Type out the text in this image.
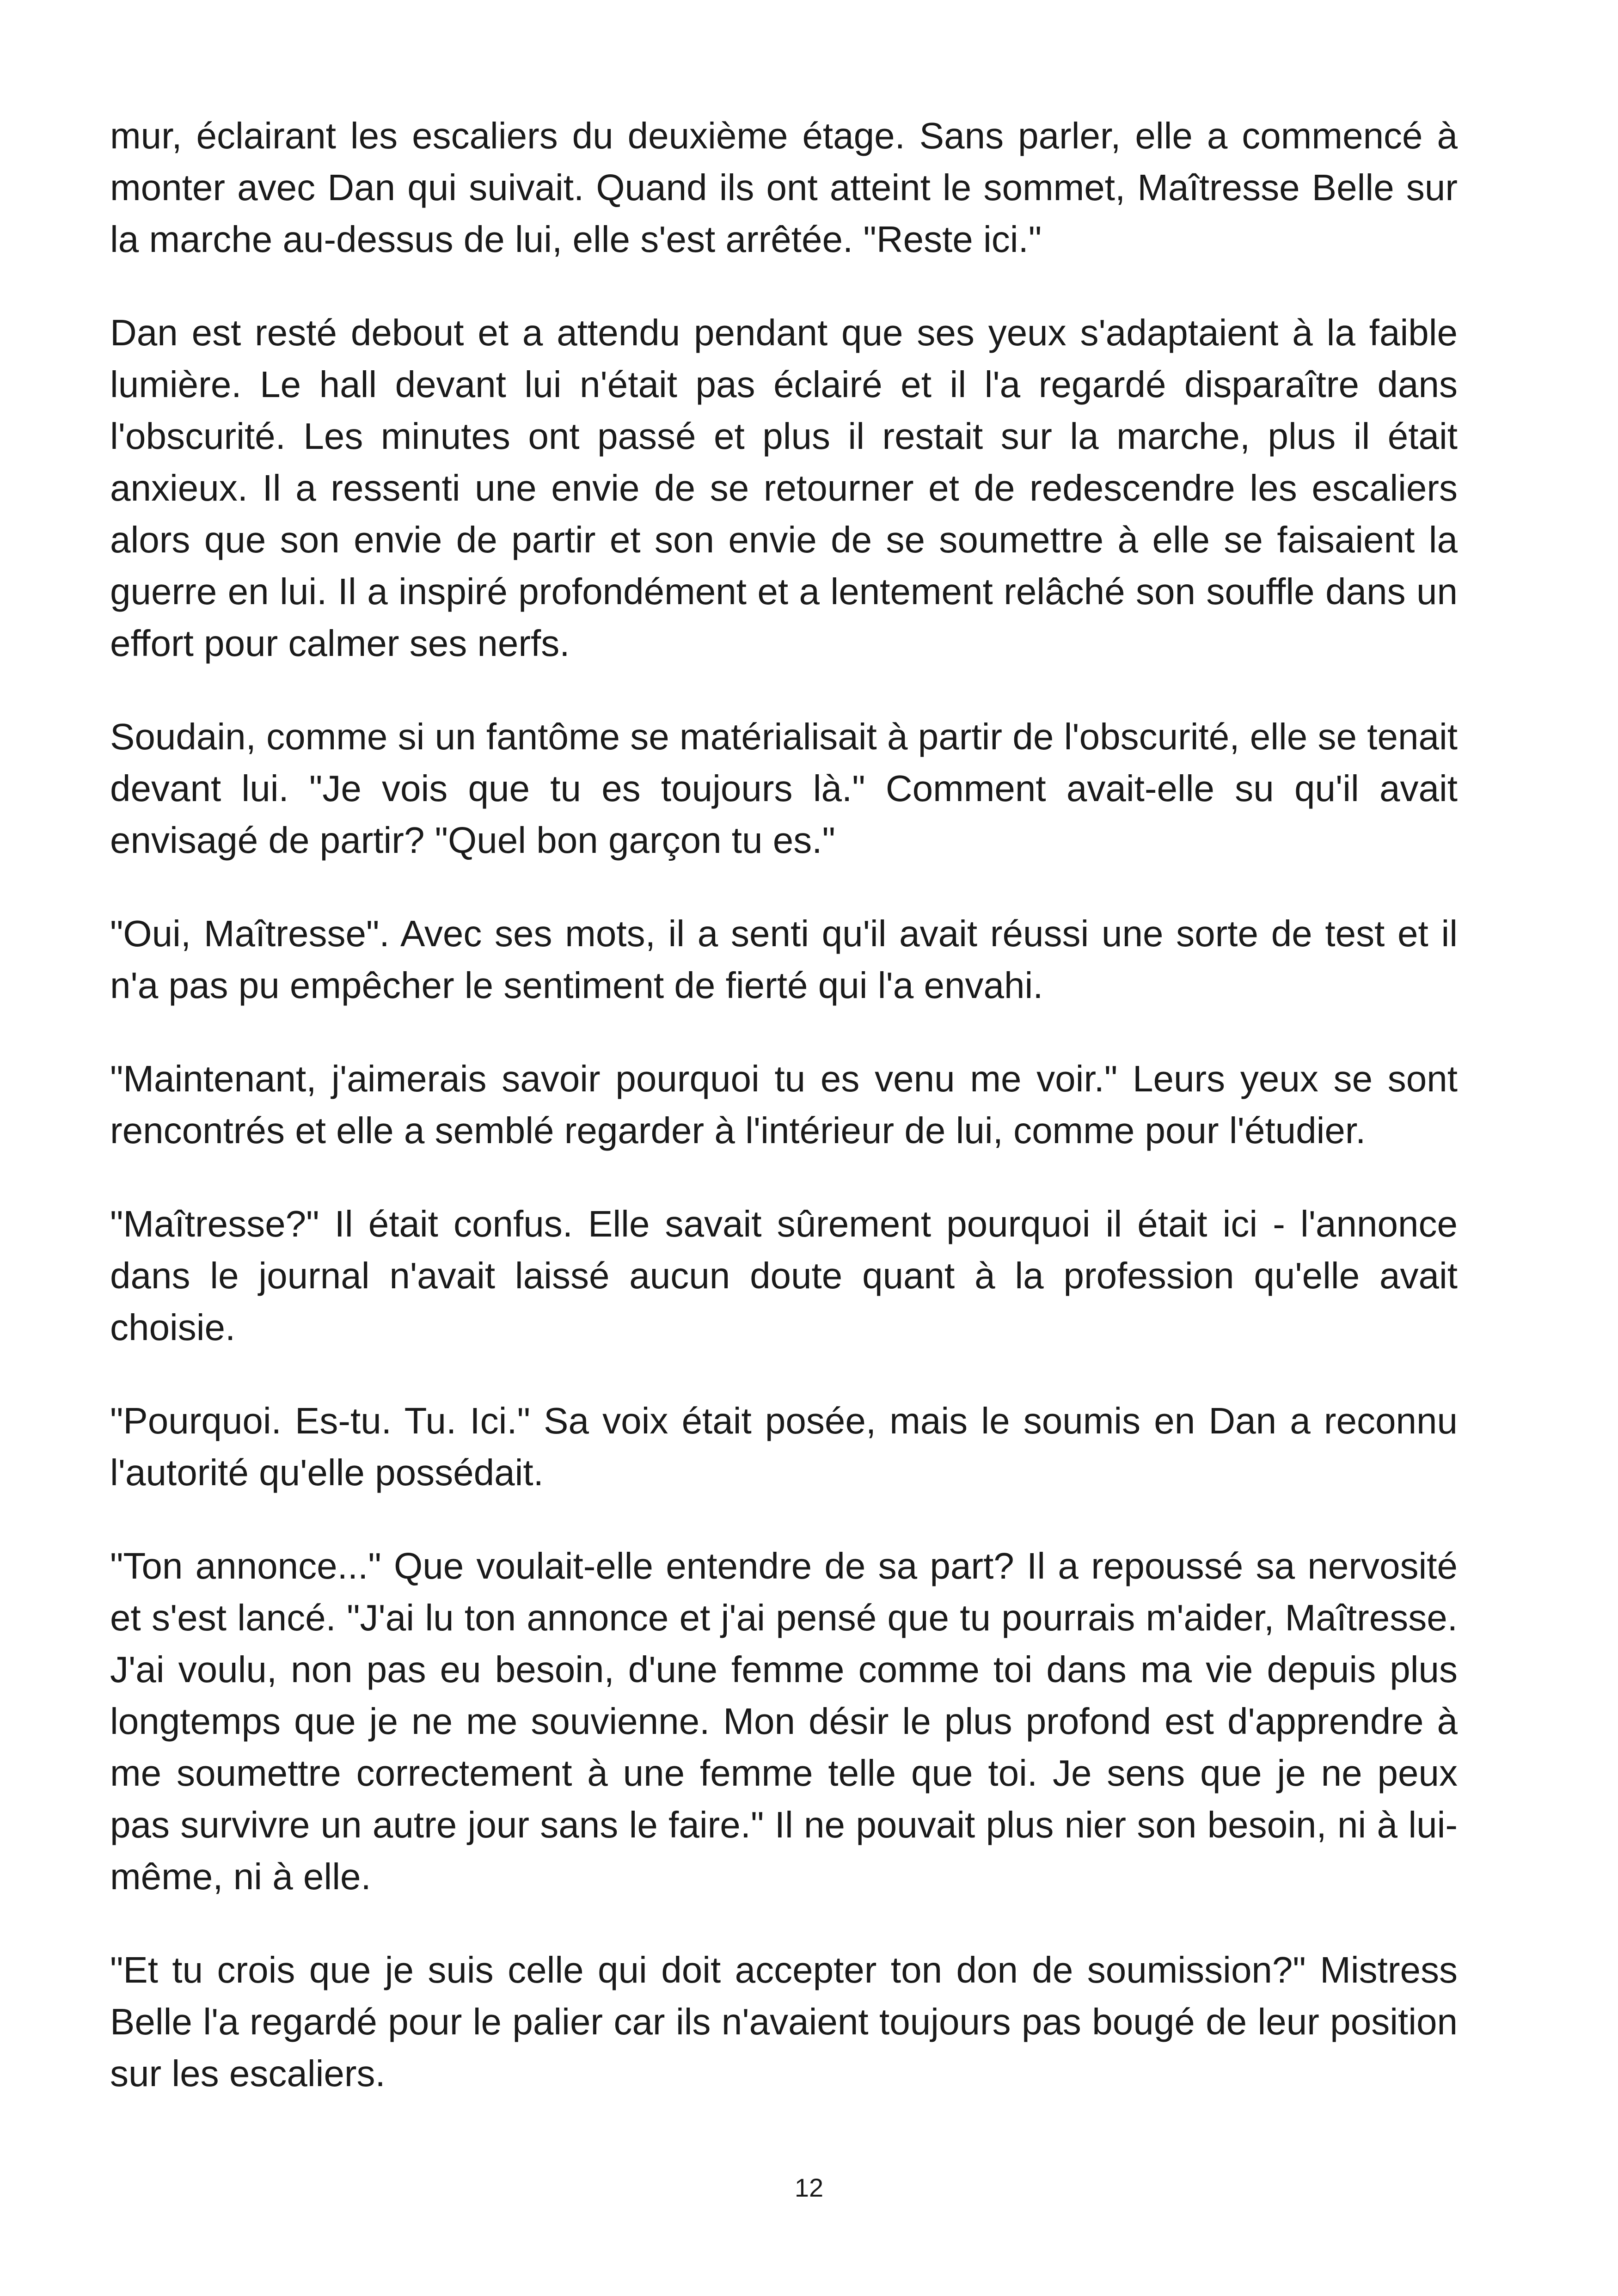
mur, éclairant les escaliers du deuxième étage. Sans parler, elle a commencé à monter avec Dan qui suivait. Quand ils ont atteint le sommet, Maîtresse Belle sur la marche au-dessus de lui, elle s'est arrêtée. "Reste ici."

Dan est resté debout et a attendu pendant que ses yeux s'adaptaient à la faible lumière. Le hall devant lui n'était pas éclairé et il l'a regardé disparaître dans l'obscurité. Les minutes ont passé et plus il restait sur la marche, plus il était anxieux. Il a ressenti une envie de se retourner et de redescendre les escaliers alors que son envie de partir et son envie de se soumettre à elle se faisaient la guerre en lui. Il a inspiré profondément et a lentement relâché son souffle dans un effort pour calmer ses nerfs.

Soudain, comme si un fantôme se matérialisait à partir de l'obscurité, elle se tenait devant lui. "Je vois que tu es toujours là." Comment avait-elle su qu'il avait envisagé de partir? "Quel bon garçon tu es."

"Oui, Maîtresse". Avec ses mots, il a senti qu'il avait réussi une sorte de test et il n'a pas pu empêcher le sentiment de fierté qui l'a envahi.

"Maintenant, j'aimerais savoir pourquoi tu es venu me voir." Leurs yeux se sont rencontrés et elle a semblé regarder à l'intérieur de lui, comme pour l'étudier.

"Maîtresse?" Il était confus. Elle savait sûrement pourquoi il était ici - l'annonce dans le journal n'avait laissé aucun doute quant à la profession qu'elle avait choisie.

"Pourquoi. Es-tu. Tu. Ici." Sa voix était posée, mais le soumis en Dan a reconnu l'autorité qu'elle possédait.

"Ton annonce..." Que voulait-elle entendre de sa part? Il a repoussé sa nervosité et s'est lancé. "J'ai lu ton annonce et j'ai pensé que tu pourrais m'aider, Maîtresse. J'ai voulu, non pas eu besoin, d'une femme comme toi dans ma vie depuis plus longtemps que je ne me souvienne. Mon désir le plus profond est d'apprendre à me soumettre correctement à une femme telle que toi. Je sens que je ne peux pas survivre un autre jour sans le faire." Il ne pouvait plus nier son besoin, ni à lui-même, ni à elle.

"Et tu crois que je suis celle qui doit accepter ton don de soumission?" Mistress Belle l'a regardé pour le palier car ils n'avaient toujours pas bougé de leur position sur les escaliers.

12
